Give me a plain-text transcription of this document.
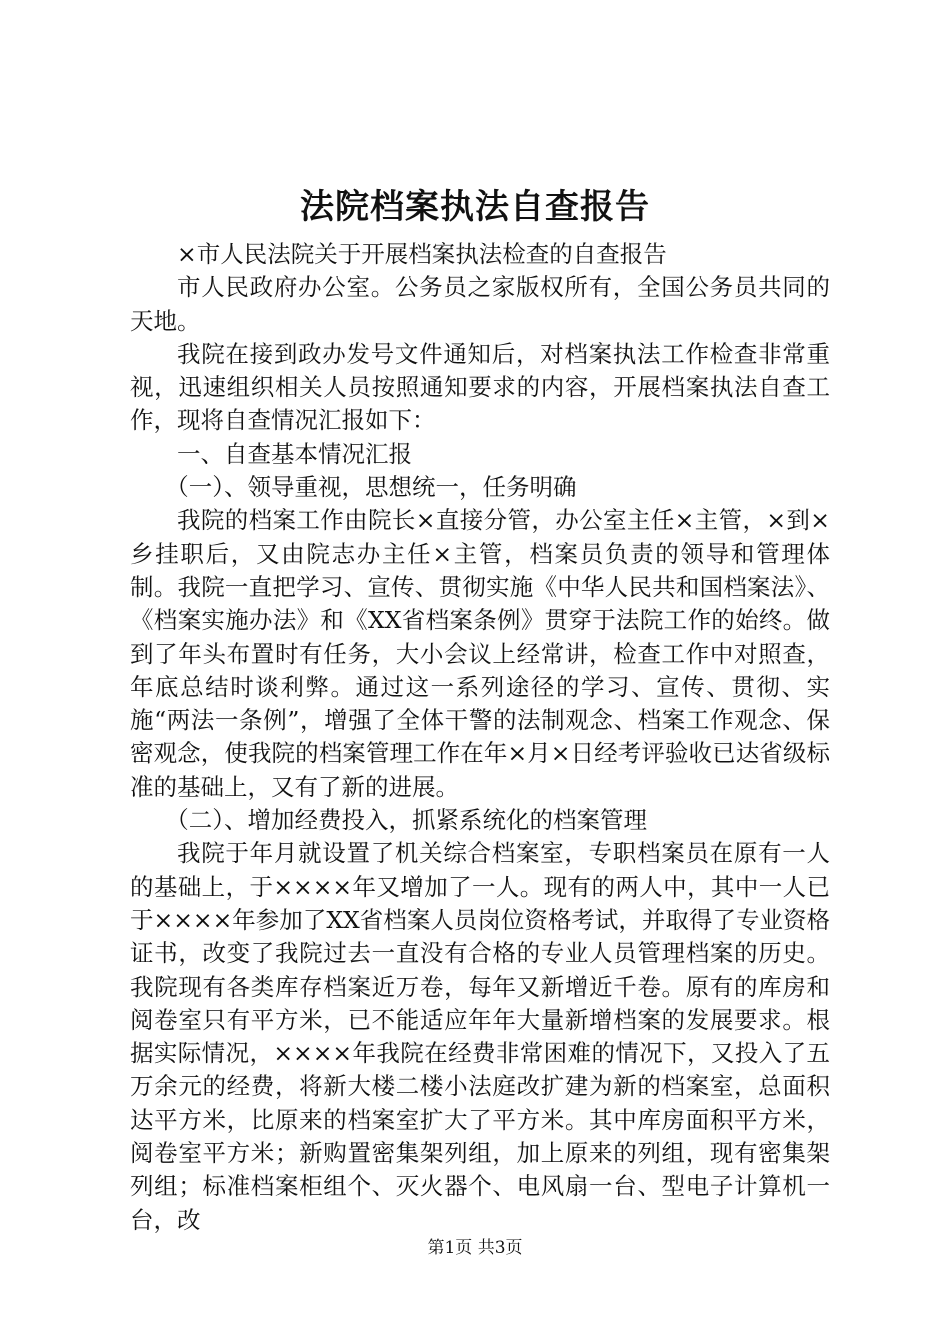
法院档案执法自查报告

×市人民法院关于开展档案执法检查的自查报告

市人民政府办公室。公务员之家版权所有，全国公务员共同的天地。

我院在接到政办发号文件通知后，对档案执法工作检查非常重视，迅速组织相关人员按照通知要求的内容，开展档案执法自查工作，现将自查情况汇报如下：

一、自查基本情况汇报

（一）、领导重视，思想统一，任务明确

我院的档案工作由院长×直接分管，办公室主任×主管，×到×乡挂职后，又由院志办主任×主管，档案员负责的领导和管理体制。我院一直把学习、宣传、贯彻实施《中华人民共和国档案法》、《档案实施办法》和《XX省档案条例》贯穿于法院工作的始终。做到了年头布置时有任务，大小会议上经常讲，检查工作中对照查，年底总结时谈利弊。通过这一系列途径的学习、宣传、贯彻、实施“两法一条例”，增强了全体干警的法制观念、档案工作观念、保密观念，使我院的档案管理工作在年×月×日经考评验收已达省级标准的基础上，又有了新的进展。

（二）、增加经费投入，抓紧系统化的档案管理

我院于年月就设置了机关综合档案室，专职档案员在原有一人的基础上，于××××年又增加了一人。现有的两人中，其中一人已于××××年参加了XX省档案人员岗位资格考试，并取得了专业资格证书，改变了我院过去一直没有合格的专业人员管理档案的历史。我院现有各类库存档案近万卷，每年又新增近千卷。原有的库房和阅卷室只有平方米，已不能适应年年大量新增档案的发展要求。根据实际情况，××××年我院在经费非常困难的情况下，又投入了五万余元的经费，将新大楼二楼小法庭改扩建为新的档案室，总面积达平方米，比原来的档案室扩大了平方米。其中库房面积平方米，阅卷室平方米；新购置密集架列组，加上原来的列组，现有密集架列组；标准档案柜组个、灭火器个、电风扇一台、型电子计算机一台，改

第1页 共3页
